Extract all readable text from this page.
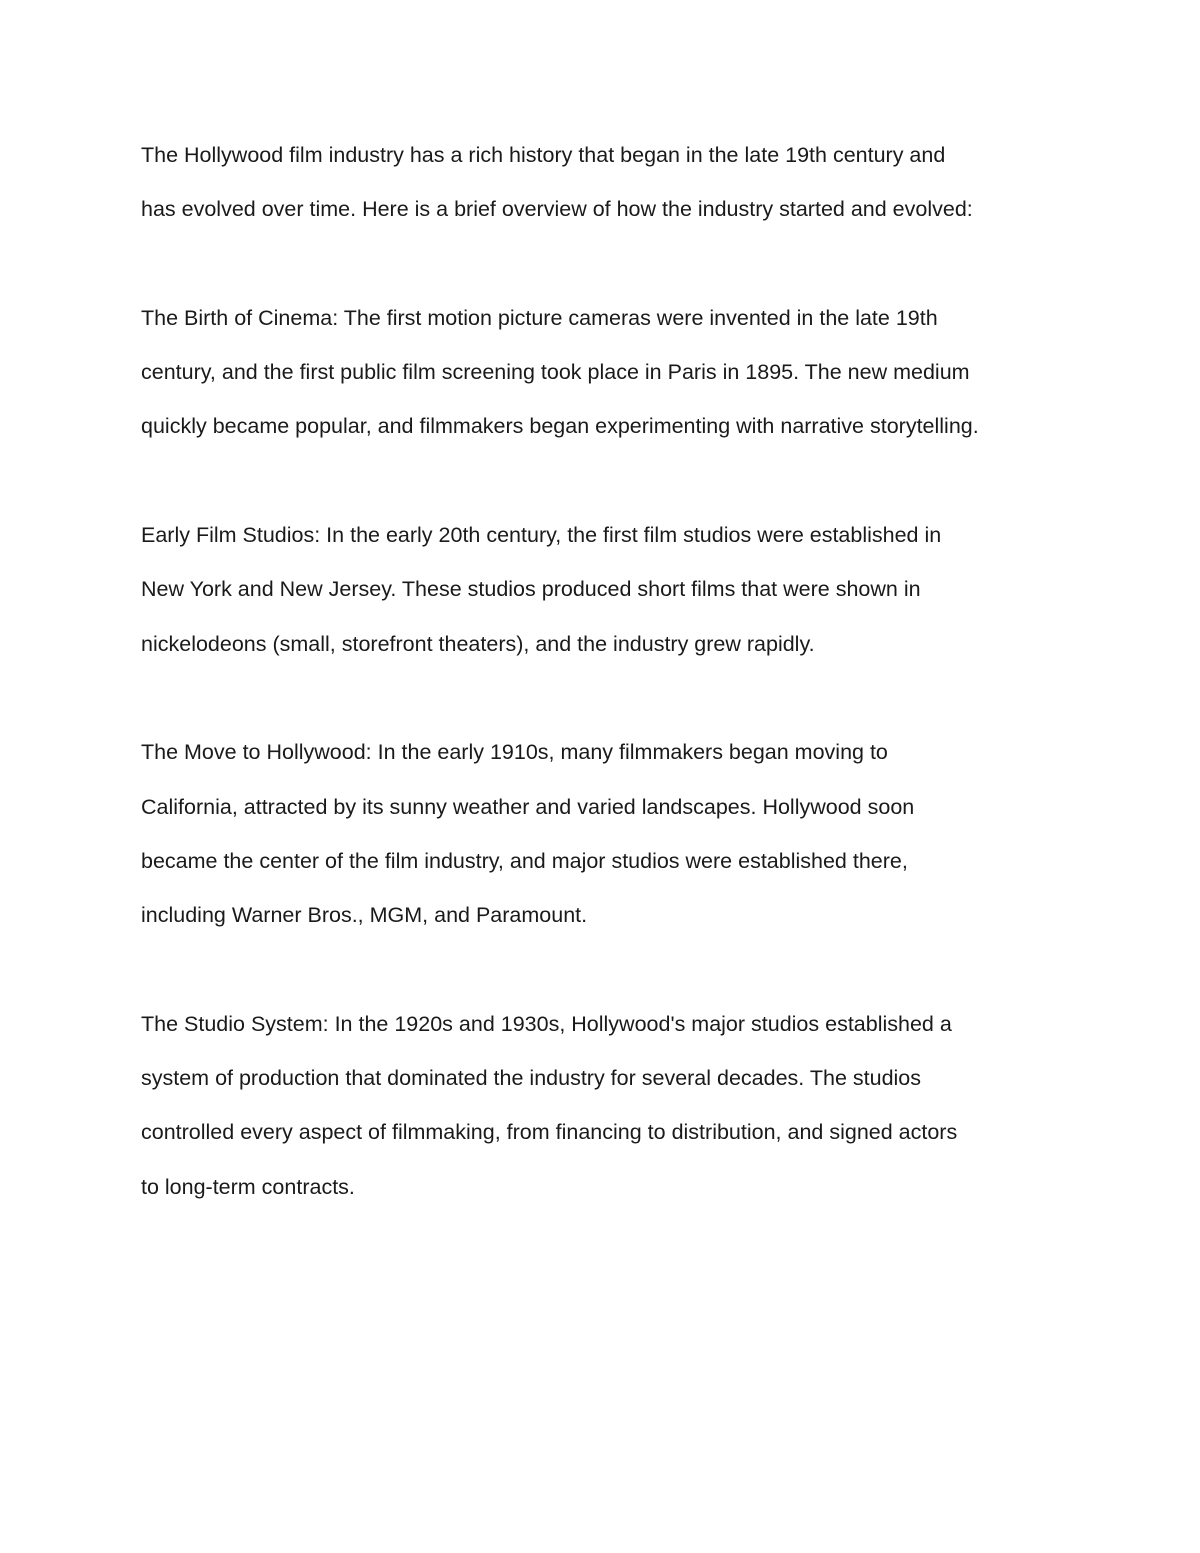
The Hollywood film industry has a rich history that began in the late 19th century and
has evolved over time. Here is a brief overview of how the industry started and evolved:

The Birth of Cinema: The first motion picture cameras were invented in the late 19th
century, and the first public film screening took place in Paris in 1895. The new medium
quickly became popular, and filmmakers began experimenting with narrative storytelling.

Early Film Studios: In the early 20th century, the first film studios were established in
New York and New Jersey. These studios produced short films that were shown in
nickelodeons (small, storefront theaters), and the industry grew rapidly.

The Move to Hollywood: In the early 1910s, many filmmakers began moving to
California, attracted by its sunny weather and varied landscapes. Hollywood soon
became the center of the film industry, and major studios were established there,
including Warner Bros., MGM, and Paramount.

The Studio System: In the 1920s and 1930s, Hollywood's major studios established a
system of production that dominated the industry for several decades. The studios
controlled every aspect of filmmaking, from financing to distribution, and signed actors
to long-term contracts.
